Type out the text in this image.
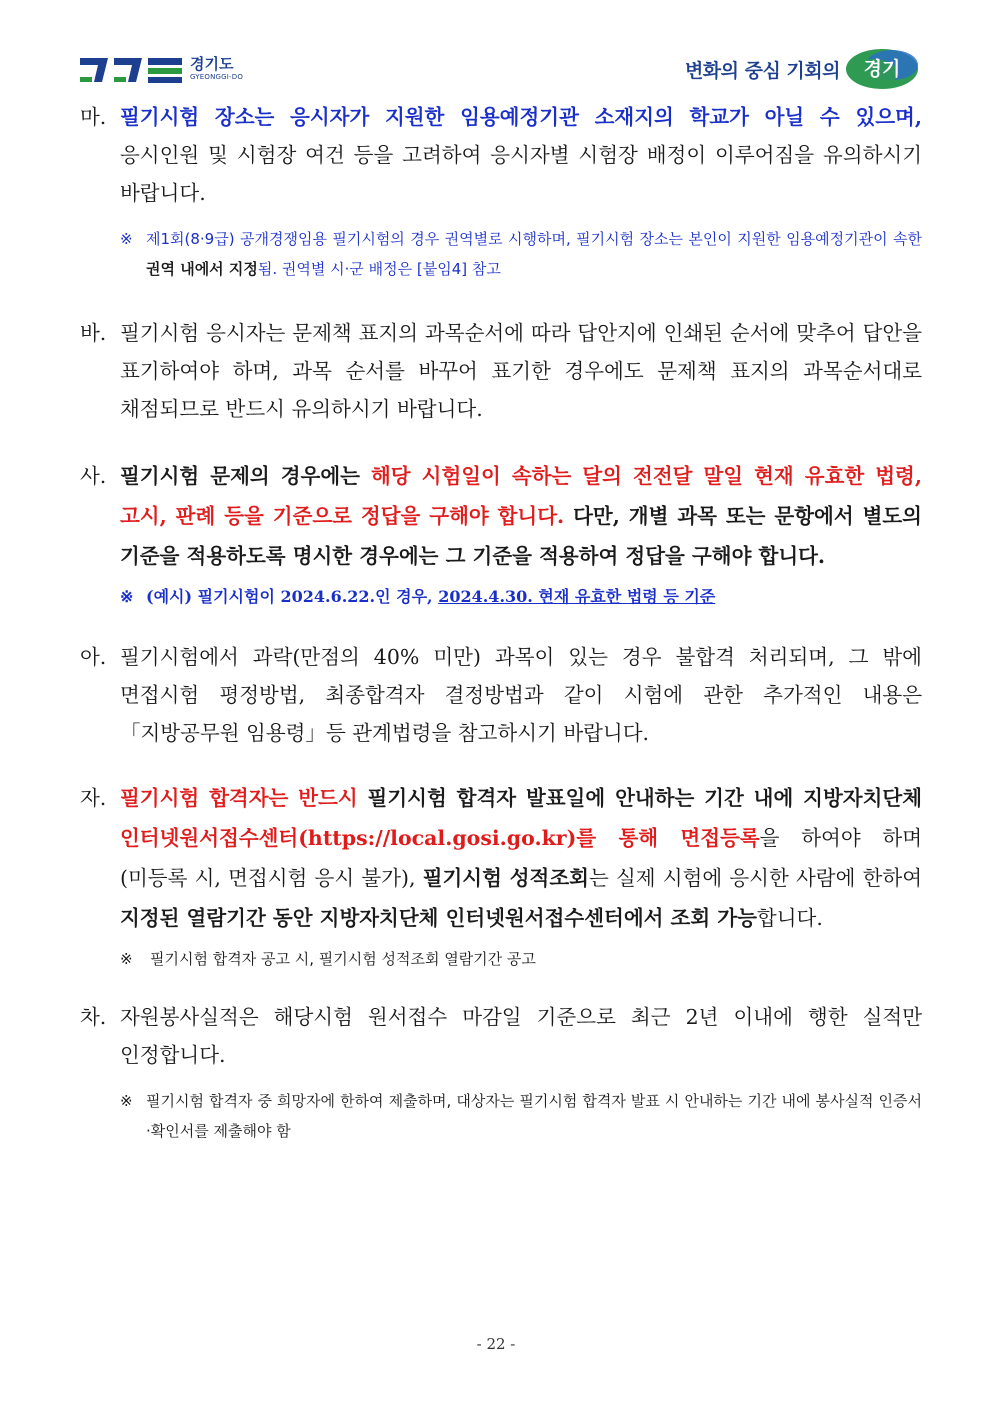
경기도
GYEONGGI-DO	변화의 중심 기회의	경기
마. 필기시험 장소는 응시자가 지원한 임용예정기관 소재지의 학교가 아닐 수 있으며, 응시인원 및 시험장 여건 등을 고려하여 응시자별 시험장 배정이 이루어짐을 유의하시기 바랍니다.
※ 제1회(8·9급) 공개경쟁임용 필기시험의 경우 권역별로 시행하며, 필기시험 장소는 본인이 지원한 임용예정기관이 속한 권역 내에서 지정됨. 권역별 시·군 배정은 [붙임4] 참고
바. 필기시험 응시자는 문제책 표지의 과목순서에 따라 답안지에 인쇄된 순서에 맞추어 답안을 표기하여야 하며, 과목 순서를 바꾸어 표기한 경우에도 문제책 표지의 과목순서대로 채점되므로 반드시 유의하시기 바랍니다.
사. 필기시험 문제의 경우에는 해당 시험일이 속하는 달의 전전달 말일 현재 유효한 법령, 고시, 판례 등을 기준으로 정답을 구해야 합니다. 다만, 개별 과목 또는 문항에서 별도의 기준을 적용하도록 명시한 경우에는 그 기준을 적용하여 정답을 구해야 합니다.
※ (예시) 필기시험이 2024.6.22.인 경우, 2024.4.30. 현재 유효한 법령 등 기준
아. 필기시험에서 과락(만점의 40% 미만) 과목이 있는 경우 불합격 처리되며, 그 밖에 면접시험 평정방법, 최종합격자 결정방법과 같이 시험에 관한 추가적인 내용은「지방공무원 임용령」등 관계법령을 참고하시기 바랍니다.
자. 필기시험 합격자는 반드시 필기시험 합격자 발표일에 안내하는 기간 내에 지방자치단체 인터넷원서접수센터(https://local.gosi.go.kr)를 통해 면접등록을 하여야 하며(미등록 시, 면접시험 응시 불가), 필기시험 성적조회는 실제 시험에 응시한 사람에 한하여 지정된 열람기간 동안 지방자치단체 인터넷원서접수센터에서 조회 가능합니다.
※ 필기시험 합격자 공고 시, 필기시험 성적조회 열람기간 공고
차. 자원봉사실적은 해당시험 원서접수 마감일 기준으로 최근 2년 이내에 행한 실적만 인정합니다.
※ 필기시험 합격자 중 희망자에 한하여 제출하며, 대상자는 필기시험 합격자 발표 시 안내하는 기간 내에 봉사실적 인증서·확인서를 제출해야 함
- 22 -
